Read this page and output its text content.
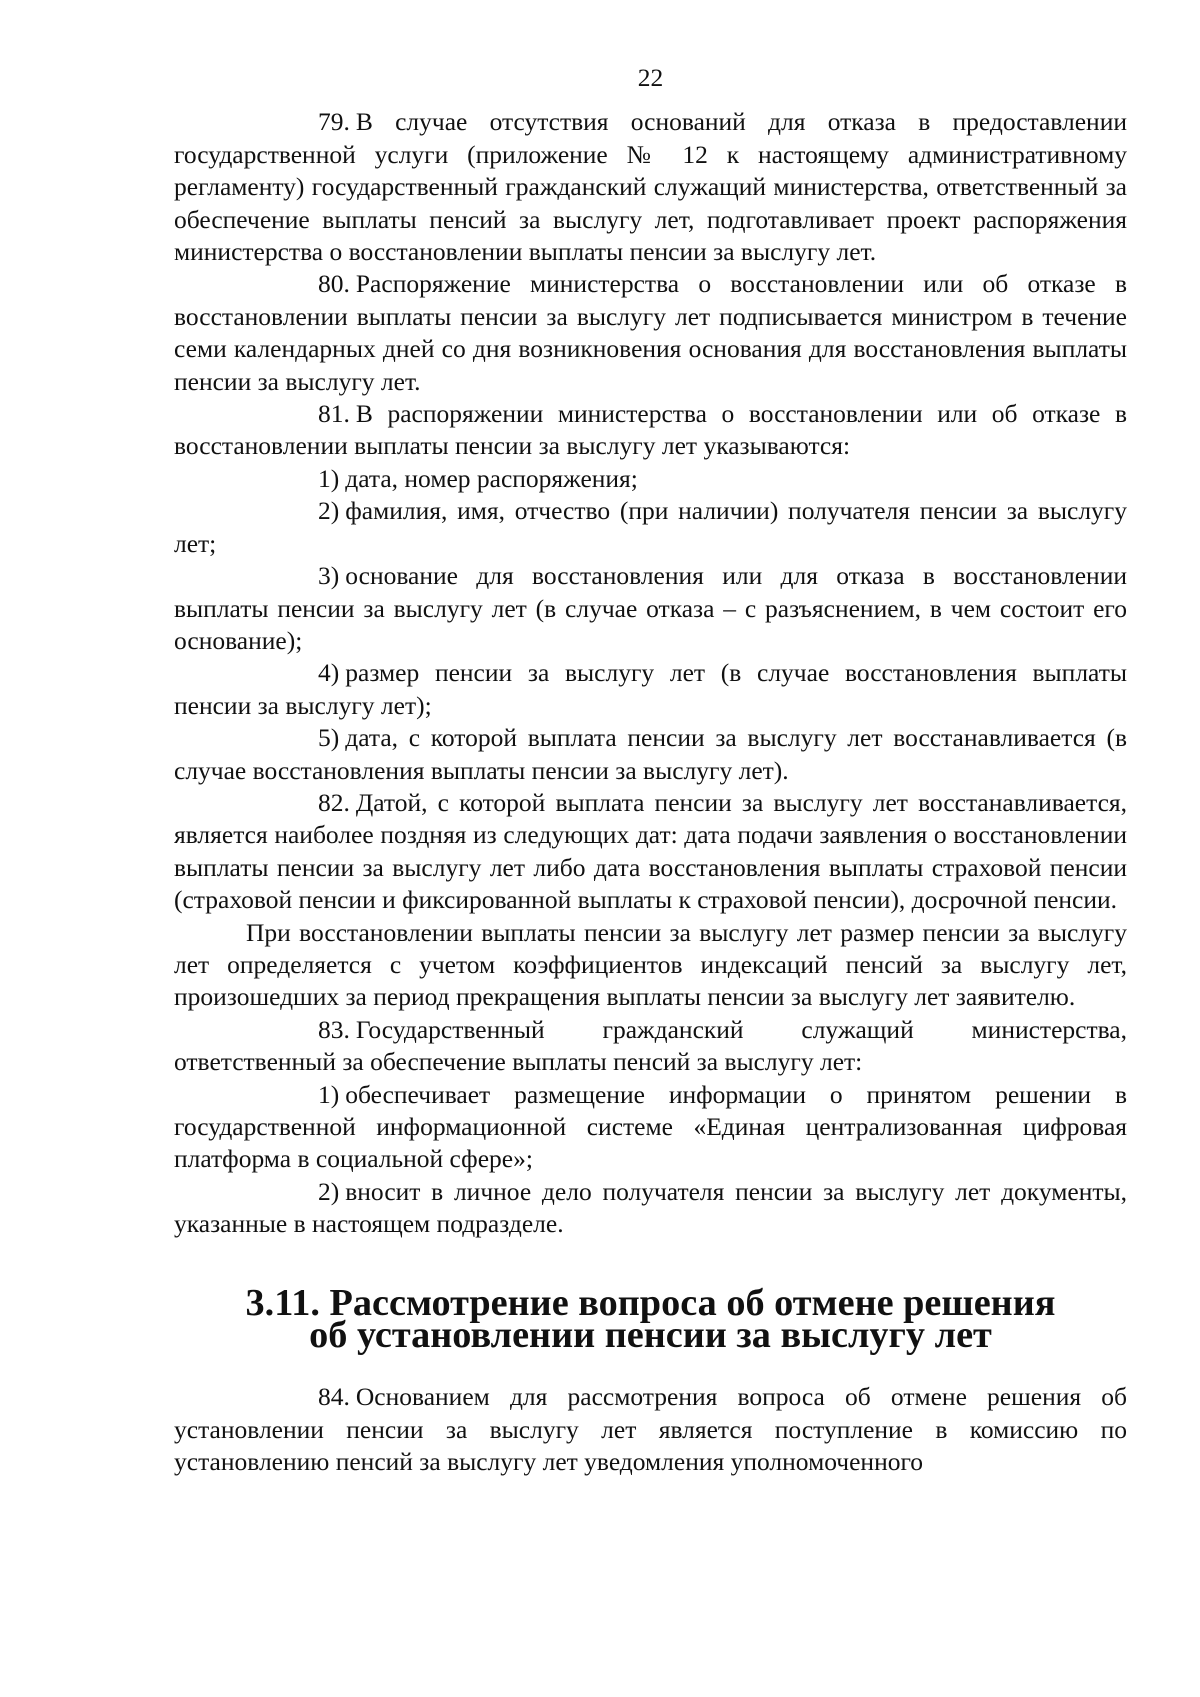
22

79. В случае отсутствия оснований для отказа в предоставлении государственной услуги (приложение № 12 к настоящему административному регламенту) государственный гражданский служащий министерства, ответственный за обеспечение выплаты пенсий за выслугу лет, подготавливает проект распоряжения министерства о восстановлении выплаты пенсии за выслугу лет.

80. Распоряжение министерства о восстановлении или об отказе в восстановлении выплаты пенсии за выслугу лет подписывается министром в течение семи календарных дней со дня возникновения основания для восстановления выплаты пенсии за выслугу лет.

81. В распоряжении министерства о восстановлении или об отказе в восстановлении выплаты пенсии за выслугу лет указываются:

1) дата, номер распоряжения;

2) фамилия, имя, отчество (при наличии) получателя пенсии за выслугу лет;

3) основание для восстановления или для отказа в восстановлении выплаты пенсии за выслугу лет (в случае отказа – с разъяснением, в чем состоит его основание);

4) размер пенсии за выслугу лет (в случае восстановления выплаты пенсии за выслугу лет);

5) дата, с которой выплата пенсии за выслугу лет восстанавливается (в случае восстановления выплаты пенсии за выслугу лет).

82. Датой, с которой выплата пенсии за выслугу лет восстанавливается, является наиболее поздняя из следующих дат: дата подачи заявления о восстановлении выплаты пенсии за выслугу лет либо дата восстановления выплаты страховой пенсии (страховой пенсии и фиксированной выплаты к страховой пенсии), досрочной пенсии.

При восстановлении выплаты пенсии за выслугу лет размер пенсии за выслугу лет определяется с учетом коэффициентов индексаций пенсий за выслугу лет, произошедших за период прекращения выплаты пенсии за выслугу лет заявителю.

83. Государственный гражданский служащий министерства, ответственный за обеспечение выплаты пенсий за выслугу лет:

1) обеспечивает размещение информации о принятом решении в государственной информационной системе «Единая централизованная цифровая платформа в социальной сфере»;

2) вносит в личное дело получателя пенсии за выслугу лет документы, указанные в настоящем подразделе.

3.11. Рассмотрение вопроса об отмене решения
об установлении пенсии за выслугу лет

84. Основанием для рассмотрения вопроса об отмене решения об установлении пенсии за выслугу лет является поступление в комиссию по установлению пенсий за выслугу лет уведомления уполномоченного
